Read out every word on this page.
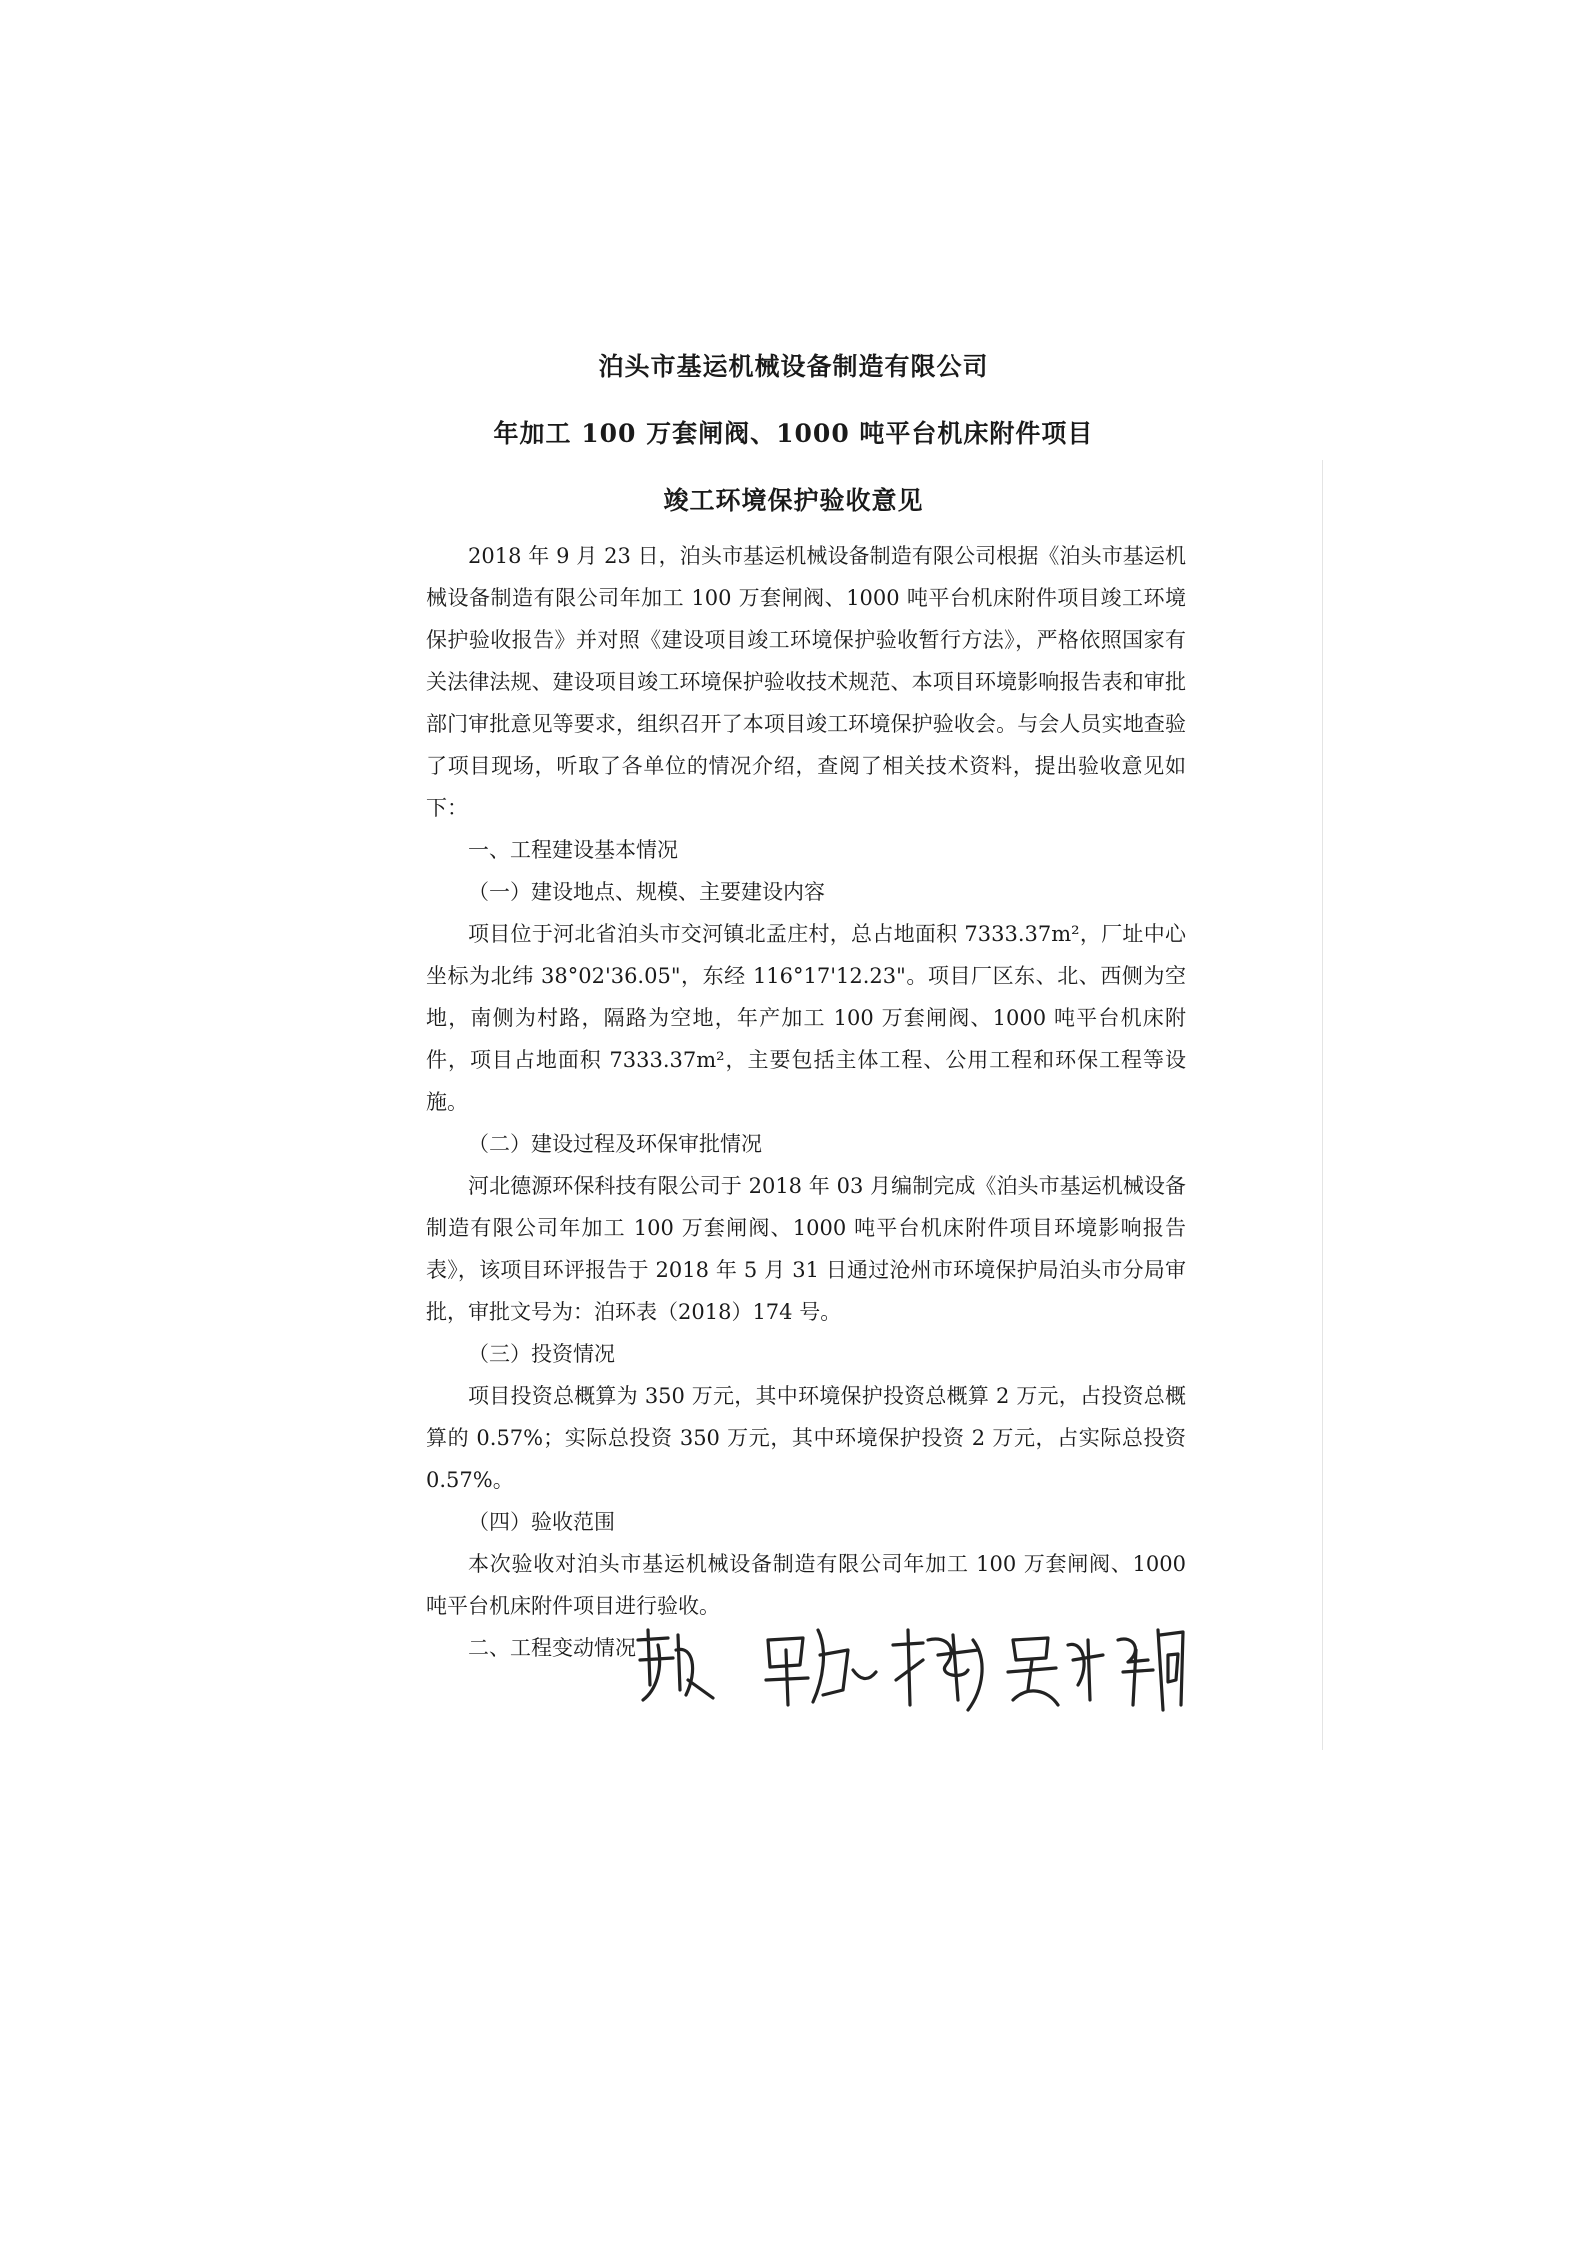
泊头市基运机械设备制造有限公司
年加工 100 万套闸阀、1000 吨平台机床附件项目
竣工环境保护验收意见

2018 年 9 月 23 日，泊头市基运机械设备制造有限公司根据《泊头市基运机械设备制造有限公司年加工 100 万套闸阀、1000 吨平台机床附件项目竣工环境保护验收报告》并对照《建设项目竣工环境保护验收暂行方法》，严格依照国家有关法律法规、建设项目竣工环境保护验收技术规范、本项目环境影响报告表和审批部门审批意见等要求，组织召开了本项目竣工环境保护验收会。与会人员实地查验了项目现场，听取了各单位的情况介绍，查阅了相关技术资料，提出验收意见如下：

一、工程建设基本情况

（一）建设地点、规模、主要建设内容

项目位于河北省泊头市交河镇北孟庄村，总占地面积 7333.37m²，厂址中心坐标为北纬 38°02'36.05"，东经 116°17'12.23"。项目厂区东、北、西侧为空地，南侧为村路，隔路为空地，年产加工 100 万套闸阀、1000 吨平台机床附件，项目占地面积 7333.37m²，主要包括主体工程、公用工程和环保工程等设施。

（二）建设过程及环保审批情况

河北德源环保科技有限公司于 2018 年 03 月编制完成《泊头市基运机械设备制造有限公司年加工 100 万套闸阀、1000 吨平台机床附件项目环境影响报告表》，该项目环评报告于 2018 年 5 月 31 日通过沧州市环境保护局泊头市分局审批，审批文号为：泊环表（2018）174 号。

（三）投资情况

项目投资总概算为 350 万元，其中环境保护投资总概算 2 万元，占投资总概算的 0.57%；实际总投资 350 万元，其中环境保护投资 2 万元，占实际总投资 0.57%。

（四）验收范围

本次验收对泊头市基运机械设备制造有限公司年加工 100 万套闸阀、1000 吨平台机床附件项目进行验收。

二、工程变动情况
